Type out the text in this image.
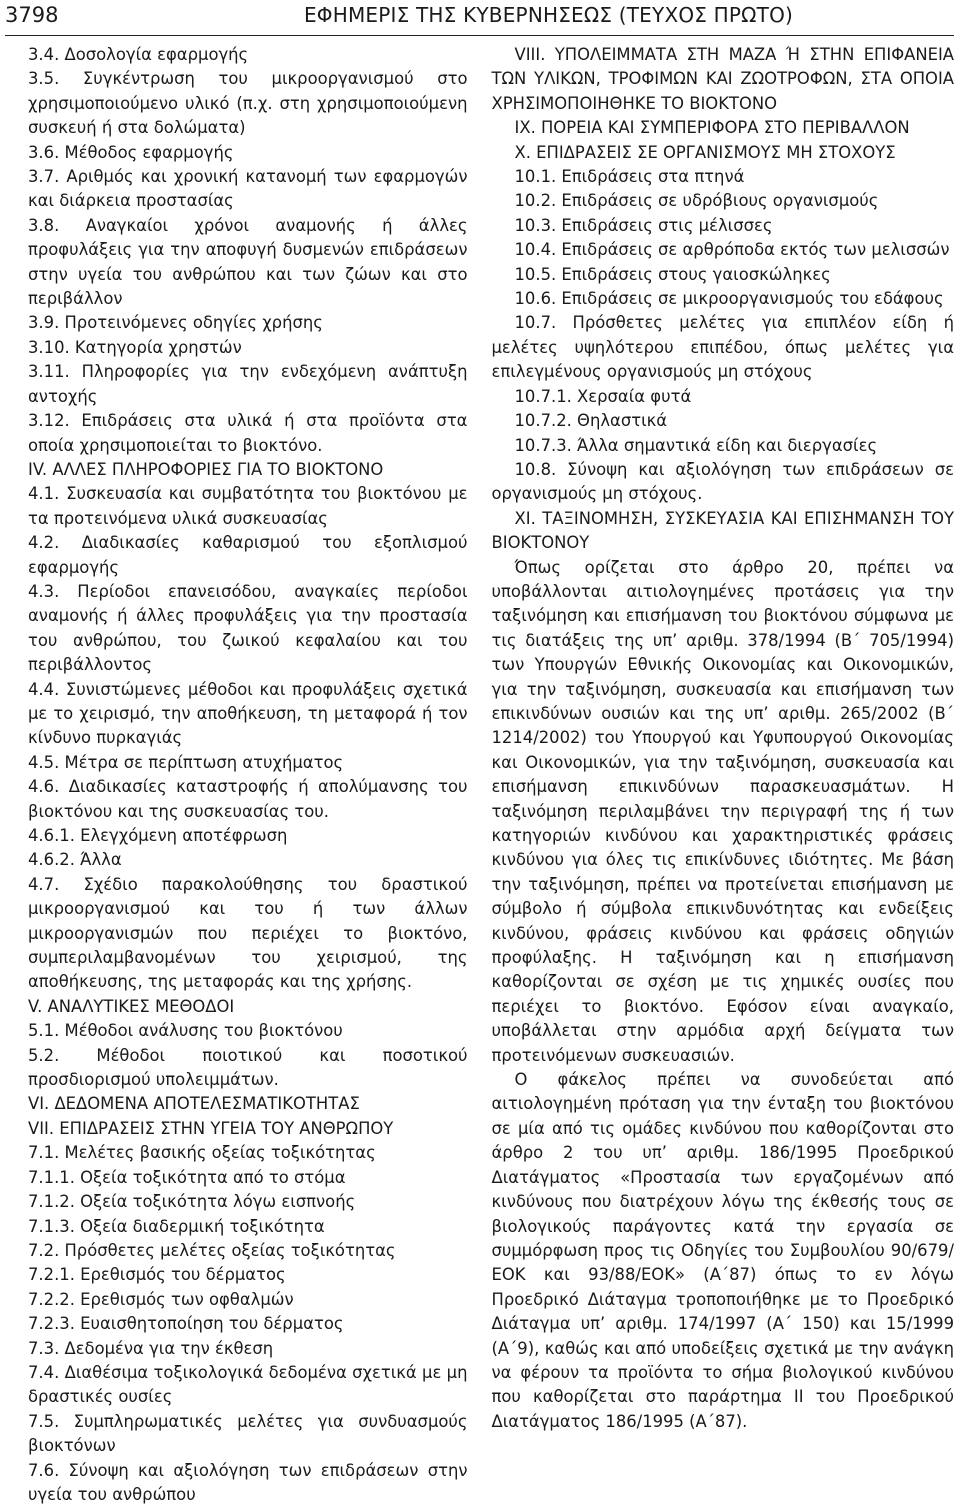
3798	ΕΦΗΜΕΡΙΣ ΤΗΣ ΚΥΒΕΡΝΗΣΕΩΣ (ΤΕΥΧΟΣ ΠΡΩΤΟ)
3.4. Δοσολογία εφαρμογής
3.5. Συγκέντρωση του μικροοργανισμού στο χρησιμοποιούμενο υλικό (π.χ. στη χρησιμοποιούμενη συσκευή ή στα δολώματα)
3.6. Μέθοδος εφαρμογής
3.7. Αριθμός και χρονική κατανομή των εφαρμογών και διάρκεια προστασίας
3.8. Αναγκαίοι χρόνοι αναμονής ή άλλες προφυλάξεις για την αποφυγή δυσμενών επιδράσεων στην υγεία του ανθρώπου και των ζώων και στο περιβάλλον
3.9. Προτεινόμενες οδηγίες χρήσης
3.10. Κατηγορία χρηστών
3.11. Πληροφορίες για την ενδεχόμενη ανάπτυξη αντοχής
3.12. Επιδράσεις στα υλικά ή στα προϊόντα στα οποία χρησιμοποιείται το βιοκτόνο.
IV. ΑΛΛΕΣ ΠΛΗΡΟΦΟΡΙΕΣ ΓΙΑ ΤΟ ΒΙΟΚΤΟΝΟ
4.1. Συσκευασία και συμβατότητα του βιοκτόνου με τα προτεινόμενα υλικά συσκευασίας
4.2. Διαδικασίες καθαρισμού του εξοπλισμού εφαρμογής
4.3. Περίοδοι επανεισόδου, αναγκαίες περίοδοι αναμονής ή άλλες προφυλάξεις για την προστασία του ανθρώπου, του ζωικού κεφαλαίου και του περιβάλλοντος
4.4. Συνιστώμενες μέθοδοι και προφυλάξεις σχετικά με το χειρισμό, την αποθήκευση, τη μεταφορά ή τον κίνδυνο πυρκαγιάς
4.5. Μέτρα σε περίπτωση ατυχήματος
4.6. Διαδικασίες καταστροφής ή απολύμανσης του βιοκτόνου και της συσκευασίας του.
4.6.1. Ελεγχόμενη αποτέφρωση
4.6.2. Άλλα
4.7. Σχέδιο παρακολούθησης του δραστικού μικροοργανισμού και του ή των άλλων μικροοργανισμών που περιέχει το βιοκτόνο, συμπεριλαμβανομένων του χειρισμού, της αποθήκευσης, της μεταφοράς και της χρήσης.
V. ΑΝΑΛΥΤΙΚΕΣ ΜΕΘΟΔΟΙ
5.1. Μέθοδοι ανάλυσης του βιοκτόνου
5.2. Μέθοδοι ποιοτικού και ποσοτικού προσδιορισμού υπολειμμάτων.
VI. ΔΕΔΟΜΕΝΑ ΑΠΟΤΕΛΕΣΜΑΤΙΚΟΤΗΤΑΣ
VII. ΕΠΙΔΡΑΣΕΙΣ ΣΤΗΝ ΥΓΕΙΑ ΤΟΥ ΑΝΘΡΩΠΟΥ
7.1. Μελέτες βασικής οξείας τοξικότητας
7.1.1. Οξεία τοξικότητα από το στόμα
7.1.2. Οξεία τοξικότητα λόγω εισπνοής
7.1.3. Οξεία διαδερμική τοξικότητα
7.2. Πρόσθετες μελέτες οξείας τοξικότητας
7.2.1. Ερεθισμός του δέρματος
7.2.2. Ερεθισμός των οφθαλμών
7.2.3. Ευαισθητοποίηση του δέρματος
7.3. Δεδομένα για την έκθεση
7.4. Διαθέσιμα τοξικολογικά δεδομένα σχετικά με μη δραστικές ουσίες
7.5. Συμπληρωματικές μελέτες για συνδυασμούς βιοκτόνων
7.6. Σύνοψη και αξιολόγηση των επιδράσεων στην υγεία του ανθρώπου

VIII. ΥΠΟΛΕΙΜΜΑΤΑ ΣΤΗ ΜΑΖΑ Ή ΣΤΗΝ ΕΠΙΦΑΝΕΙΑ ΤΩΝ ΥΛΙΚΩΝ, ΤΡΟΦΙΜΩΝ ΚΑΙ ΖΩΟΤΡΟΦΩΝ, ΣΤΑ ΟΠΟΙΑ ΧΡΗΣΙΜΟΠΟΙΗΘΗΚΕ ΤΟ ΒΙΟΚΤΟΝΟ

IX. ΠΟΡΕΙΑ ΚΑΙ ΣΥΜΠΕΡΙΦΟΡΑ ΣΤΟ ΠΕΡΙΒΑΛΛΟΝ

X. ΕΠΙΔΡΑΣΕΙΣ ΣΕ ΟΡΓΑΝΙΣΜΟΥΣ ΜΗ ΣΤΟΧΟΥΣ

10.1. Επιδράσεις στα πτηνά

10.2. Επιδράσεις σε υδρόβιους οργανισμούς

10.3. Επιδράσεις στις μέλισσες

10.4. Επιδράσεις σε αρθρόποδα εκτός των μελισσών

10.5. Επιδράσεις στους γαιοσκώληκες

10.6. Επιδράσεις σε μικροοργανισμούς του εδάφους

10.7. Πρόσθετες μελέτες για επιπλέον είδη ή μελέτες υψηλότερου επιπέδου, όπως μελέτες για επιλεγμένους οργανισμούς μη στόχους

10.7.1. Χερσαία φυτά

10.7.2. Θηλαστικά

10.7.3. Άλλα σημαντικά είδη και διεργασίες

10.8. Σύνοψη και αξιολόγηση των επιδράσεων σε οργανισμούς μη στόχους.

XI. ΤΑΞΙΝΟΜΗΣΗ, ΣΥΣΚΕΥΑΣΙΑ ΚΑΙ ΕΠΙΣΗΜΑΝΣΗ ΤΟΥ ΒΙΟΚΤΟΝΟΥ

Όπως ορίζεται στο άρθρο 20, πρέπει να υποβάλλονται αιτιολογημένες προτάσεις για την ταξινόμηση και επισήμανση του βιοκτόνου σύμφωνα με τις διατάξεις της υπ’ αριθμ. 378/1994 (Β΄ 705/1994) των Υπουργών Εθνικής Οικονομίας και Οικονομικών, για την ταξινόμηση, συσκευασία και επισήμανση των επικινδύνων ουσιών και της υπ’ αριθμ. 265/2002 (Β΄ 1214/2002) του Υπουργού και Υφυπουργού Οικονομίας και Οικονομικών, για την ταξινόμηση, συσκευασία και επισήμανση επικινδύνων παρασκευασμάτων. Η ταξινόμηση περιλαμβάνει την περιγραφή της ή των κατηγοριών κινδύνου και χαρακτηριστικές φράσεις κινδύνου για όλες τις επικίνδυνες ιδιότητες. Με βάση την ταξινόμηση, πρέπει να προτείνεται επισήμανση με σύμβολο ή σύμβολα επικινδυνότητας και ενδείξεις κινδύνου, φράσεις κινδύνου και φράσεις οδηγιών προφύλαξης. Η ταξινόμηση και η επισήμανση καθορίζονται σε σχέση με τις χημικές ουσίες που περιέχει το βιοκτόνο. Εφόσον είναι αναγκαίο, υποβάλλεται στην αρμόδια αρχή δείγματα των προτεινόμενων συσκευασιών.

Ο φάκελος πρέπει να συνοδεύεται από αιτιολογημένη πρόταση για την ένταξη του βιοκτόνου σε μία από τις ομάδες κινδύνου που καθορίζονται στο άρθρο 2 του υπ’ αριθμ. 186/1995 Προεδρικού Διατάγματος «Προστασία των εργαζομένων από κινδύνους που διατρέχουν λόγω της έκθεσής τους σε βιολογικούς παράγοντες κατά την εργασία σε συμμόρφωση προς τις Οδηγίες του Συμβουλίου 90/679/ΕΟΚ και 93/88/ΕΟΚ» (Α΄87) όπως το εν λόγω Προεδρικό Διάταγμα τροποποιήθηκε με το Προεδρικό Διάταγμα υπ’ αριθμ. 174/1997 (Α΄ 150) και 15/1999 (Α΄9), καθώς και από υποδείξεις σχετικά με την ανάγκη να φέρουν τα προϊόντα το σήμα βιολογικού κινδύνου που καθορίζεται στο παράρτημα ΙΙ του Προεδρικού Διατάγματος 186/1995 (Α΄87).
